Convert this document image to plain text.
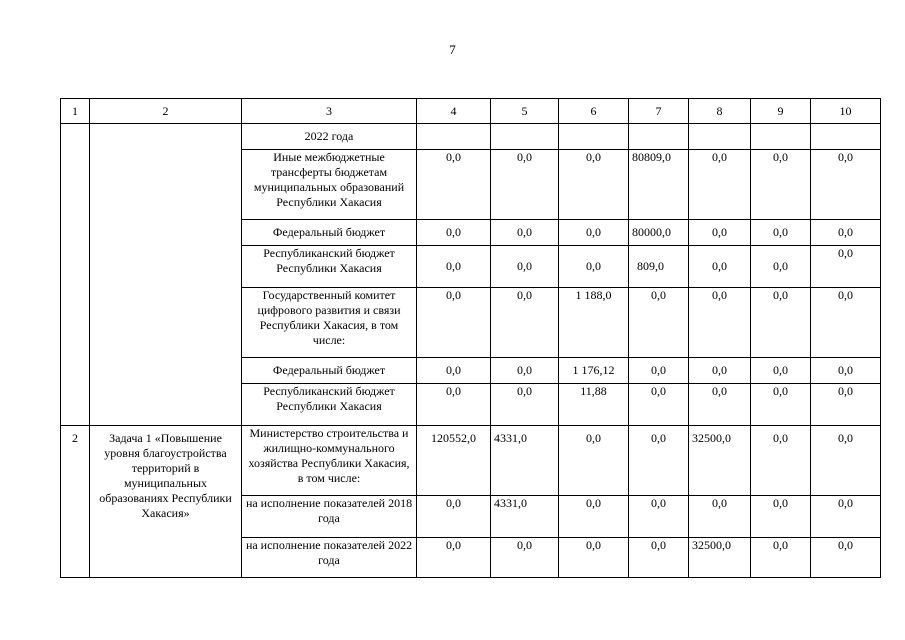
7
1	2	3	4	5	6	7	8	9	10
		2022 года							
		Иные межбюджетные трансферты бюджетам муниципальных образований Республики Хакасия	0,0	0,0	0,0	80809,0	0,0	0,0	0,0
		Федеральный бюджет	0,0	0,0	0,0	80000,0	0,0	0,0	0,0
		Республиканский бюджет Республики Хакасия	0,0	0,0	0,0	809,0	0,0	0,0	0,0
		Государственный комитет цифрового развития и связи Республики Хакасия, в том числе:	0,0	0,0	1 188,0	0,0	0,0	0,0	0,0
		Федеральный бюджет	0,0	0,0	1 176,12	0,0	0,0	0,0	0,0
		Республиканский бюджет Республики Хакасия	0,0	0,0	11,88	0,0	0,0	0,0	0,0
2	Задача 1 «Повышение уровня благоустройства территорий в муниципальных образованиях Республики Хакасия»	Министерство строительства и жилищно-коммунального хозяйства Республики Хакасия, в том числе:	120552,0	4331,0	0,0	0,0	32500,0	0,0	0,0
		на исполнение показателей 2018 года	0,0	4331,0	0,0	0,0	0,0	0,0	0,0
		на исполнение показателей 2022 года	0,0	0,0	0,0	0,0	32500,0	0,0	0,0
